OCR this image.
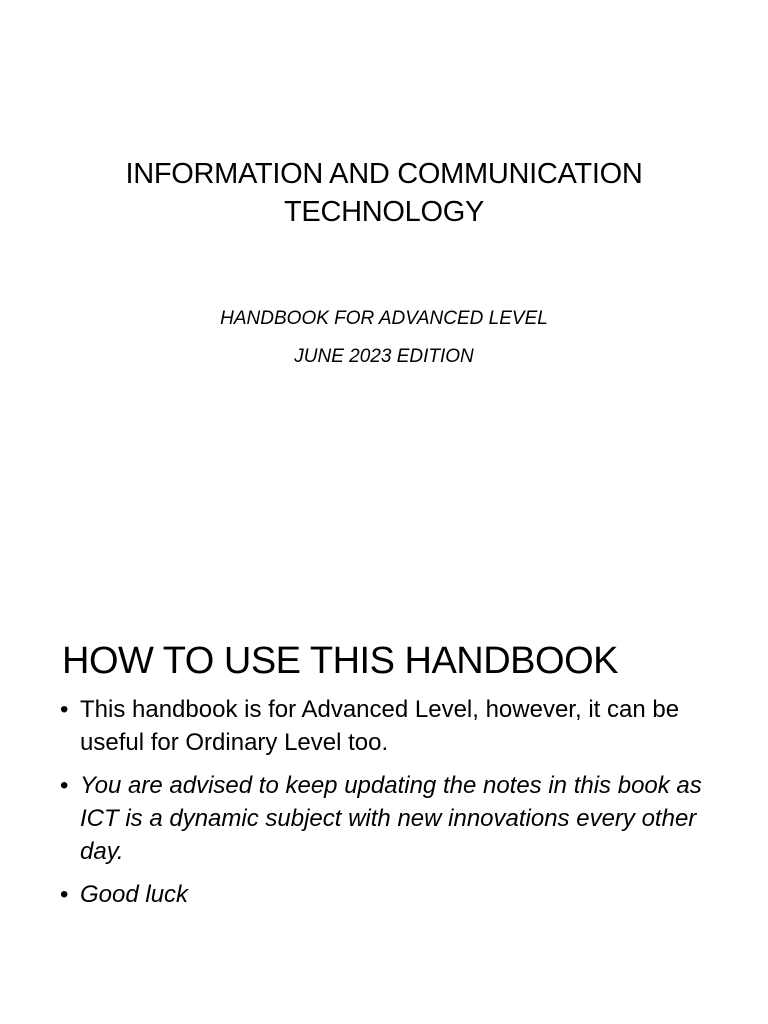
INFORMATION AND COMMUNICATION
TECHNOLOGY
HANDBOOK FOR ADVANCED LEVEL
JUNE 2023 EDITION
HOW TO USE THIS HANDBOOK
• This handbook is for Advanced Level, however, it can be useful for Ordinary Level too.
• You are advised to keep updating the notes in this book as ICT is a dynamic subject with new innovations every other day.
• Good luck
